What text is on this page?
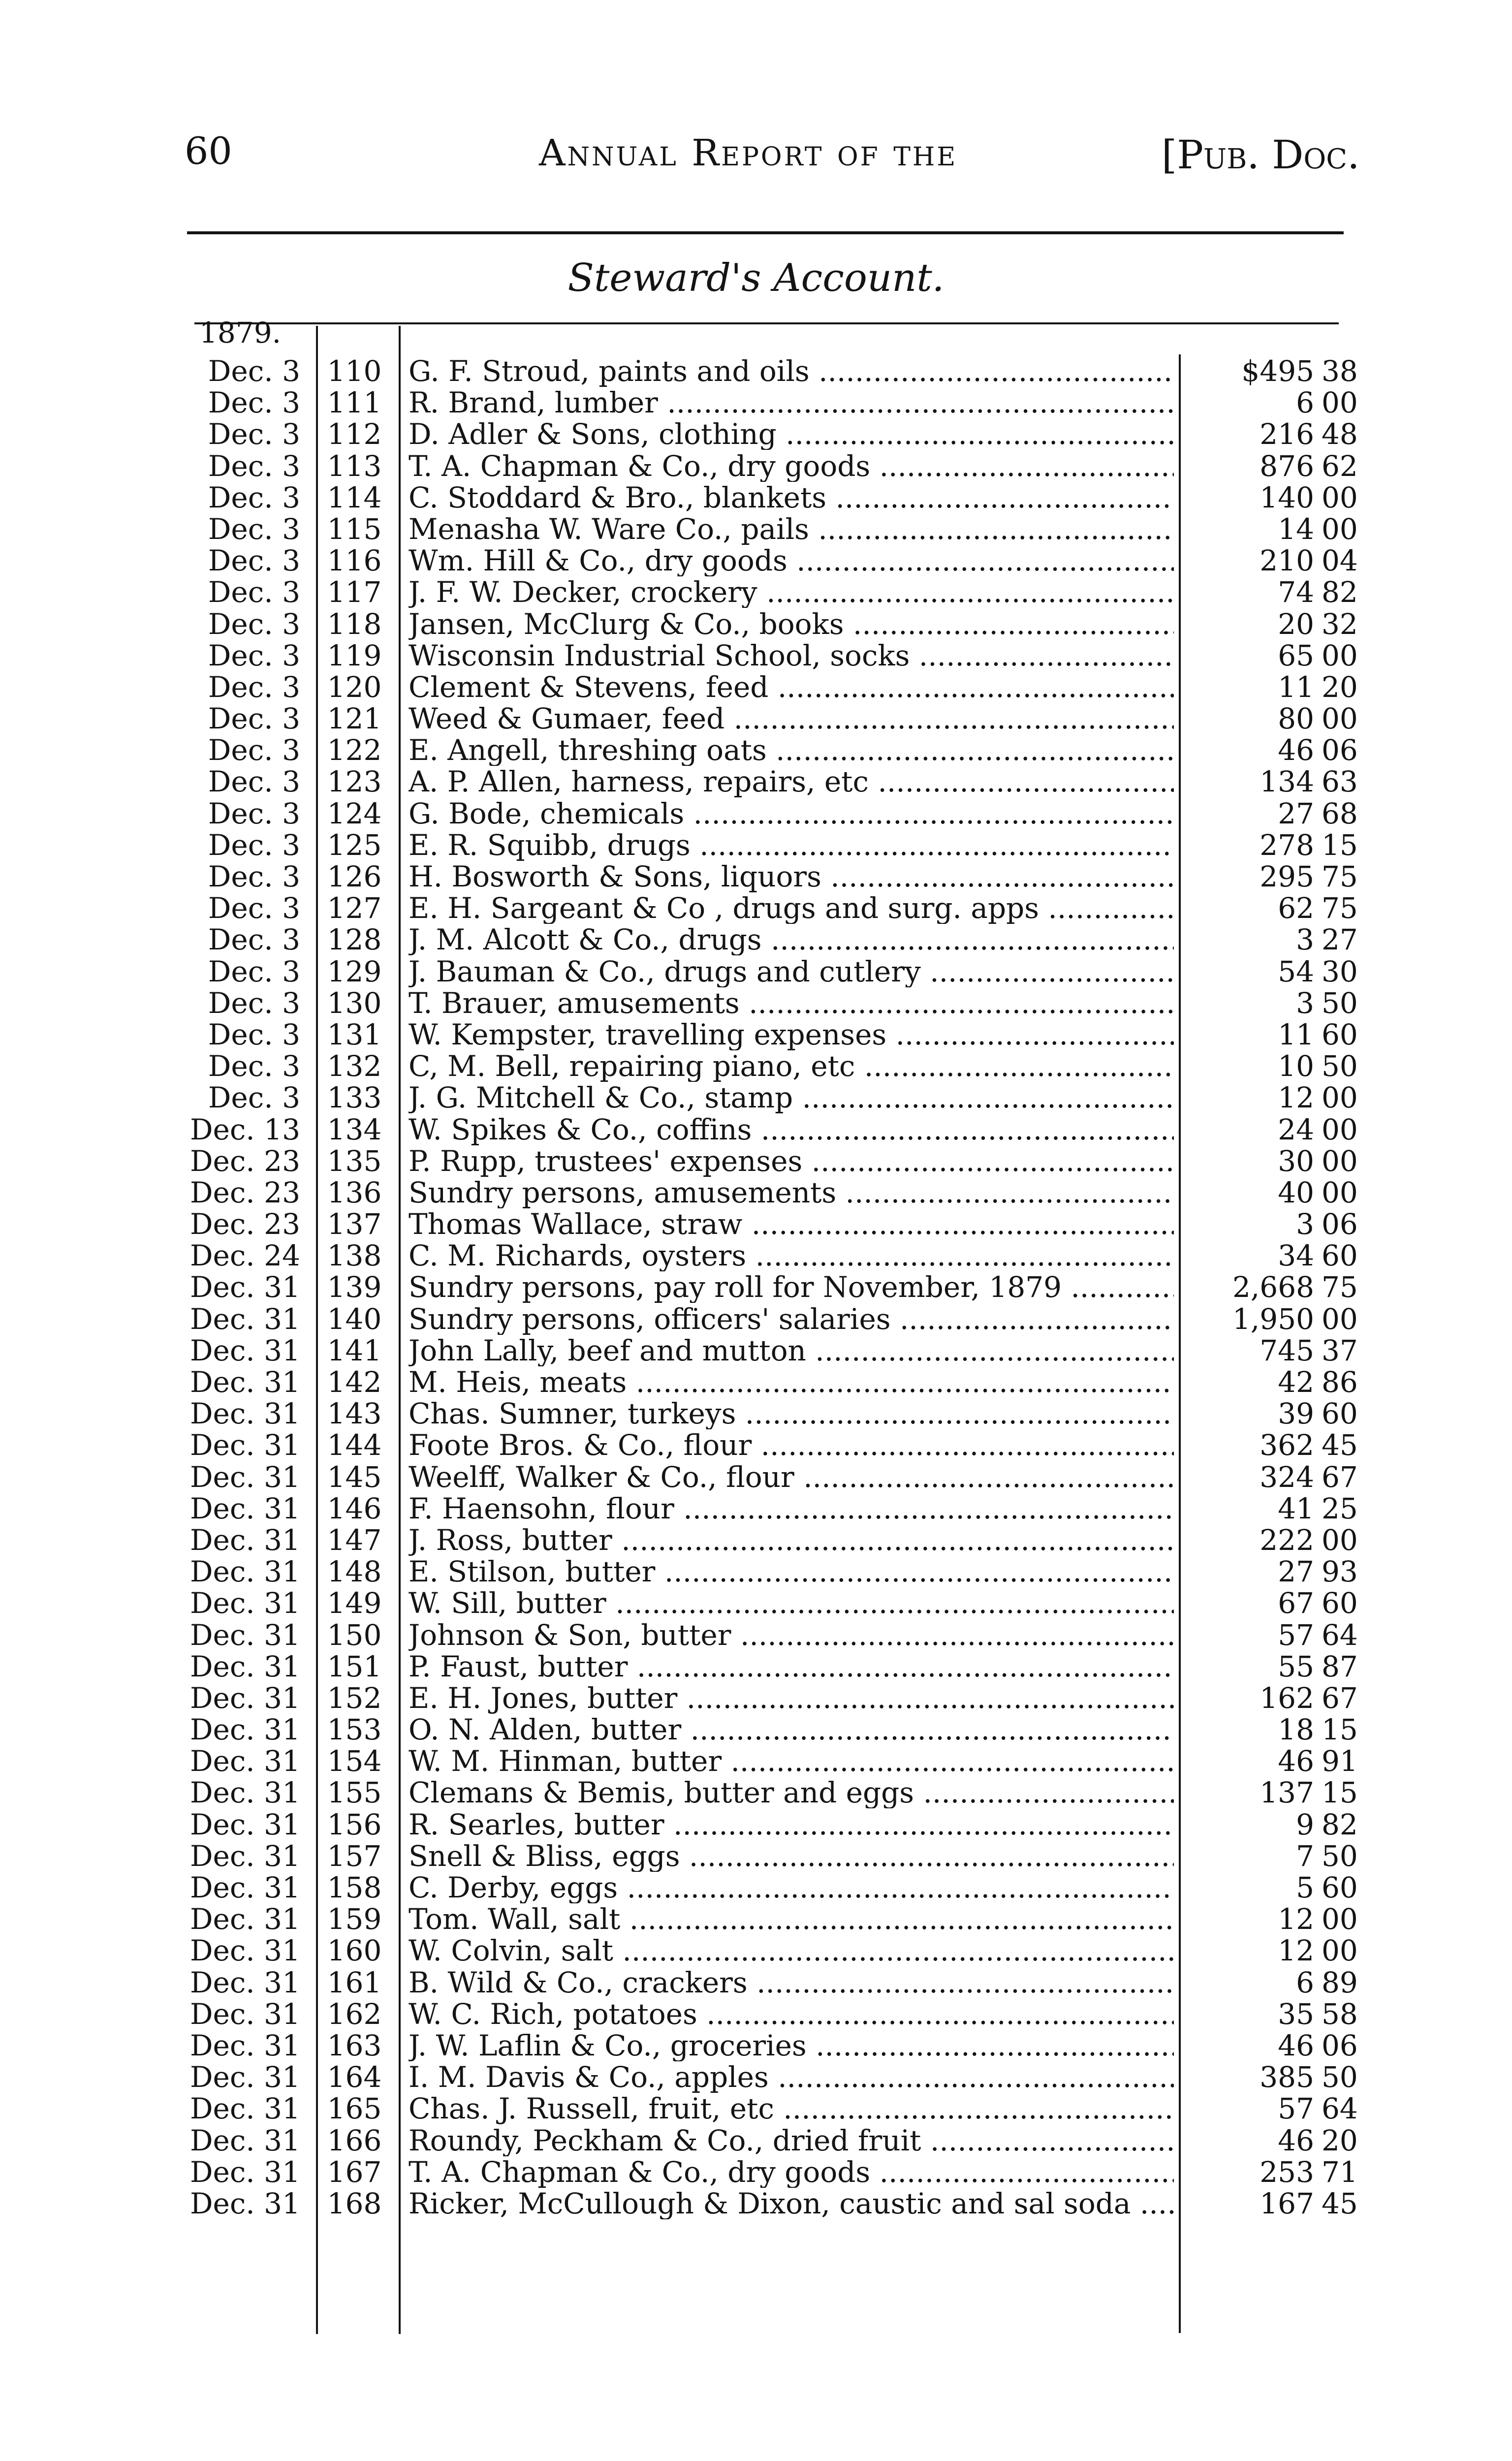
60	Annual Report of the	[Pub. Doc.
Steward's Account.
1879.
Dec. 3 110 G. F. Stroud, paints and oils .....	$495 38
Dec. 3 111 R. Brand, lumber .....	6 00
Dec. 3 112 D. Adler & Sons, clothing .....	216 48
Dec. 3 113 T. A. Chapman & Co., dry goods .....	876 62
Dec. 3 114 C. Stoddard & Bro., blankets .....	140 00
Dec. 3 115 Menasha W. Ware Co., pails .....	14 00
Dec. 3 116 Wm. Hill & Co., dry goods .....	210 04
Dec. 3 117 J. F. W. Decker, crockery .....	74 82
Dec. 3 118 Jansen, McClurg & Co., books .....	20 32
Dec. 3 119 Wisconsin Industrial School, socks .....	65 00
Dec. 3 120 Clement & Stevens, feed .....	11 20
Dec. 3 121 Weed & Gumaer, feed .....	80 00
Dec. 3 122 E. Angell, threshing oats .....	46 06
Dec. 3 123 A. P. Allen, harness, repairs, etc .....	134 63
Dec. 3 124 G. Bode, chemicals .....	27 68
Dec. 3 125 E. R. Squibb, drugs .....	278 15
Dec. 3 126 H. Bosworth & Sons, liquors .....	295 75
Dec. 3 127 E. H. Sargeant & Co , drugs and surg. apps .....	62 75
Dec. 3 128 J. M. Alcott & Co., drugs .....	3 27
Dec. 3 129 J. Bauman & Co., drugs and cutlery .....	54 30
Dec. 3 130 T. Brauer, amusements .....	3 50
Dec. 3 131 W. Kempster, travelling expenses .....	11 60
Dec. 3 132 C, M. Bell, repairing piano, etc .....	10 50
Dec. 3 133 J. G. Mitchell & Co., stamp .....	12 00
Dec. 13 134 W. Spikes & Co., coffins .....	24 00
Dec. 23 135 P. Rupp, trustees' expenses .....	30 00
Dec. 23 136 Sundry persons, amusements .....	40 00
Dec. 23 137 Thomas Wallace, straw .....	3 06
Dec. 24 138 C. M. Richards, oysters .....	34 60
Dec. 31 139 Sundry persons, pay roll for November, 1879 .....	2,668 75
Dec. 31 140 Sundry persons, officers' salaries .....	1,950 00
Dec. 31 141 John Lally, beef and mutton .....	745 37
Dec. 31 142 M. Heis, meats .....	42 86
Dec. 31 143 Chas. Sumner, turkeys .....	39 60
Dec. 31 144 Foote Bros. & Co., flour .....	362 45
Dec. 31 145 Weelff, Walker & Co., flour .....	324 67
Dec. 31 146 F. Haensohn, flour .....	41 25
Dec. 31 147 J. Ross, butter .....	222 00
Dec. 31 148 E. Stilson, butter .....	27 93
Dec. 31 149 W. Sill, butter .....	67 60
Dec. 31 150 Johnson & Son, butter .....	57 64
Dec. 31 151 P. Faust, butter .....	55 87
Dec. 31 152 E. H. Jones, butter .....	162 67
Dec. 31 153 O. N. Alden, butter .....	18 15
Dec. 31 154 W. M. Hinman, butter .....	46 91
Dec. 31 155 Clemans & Bemis, butter and eggs .....	137 15
Dec. 31 156 R. Searles, butter .....	9 82
Dec. 31 157 Snell & Bliss, eggs .....	7 50
Dec. 31 158 C. Derby, eggs .....	5 60
Dec. 31 159 Tom. Wall, salt .....	12 00
Dec. 31 160 W. Colvin, salt .....	12 00
Dec. 31 161 B. Wild & Co., crackers .....	6 89
Dec. 31 162 W. C. Rich, potatoes .....	35 58
Dec. 31 163 J. W. Laflin & Co., groceries .....	46 06
Dec. 31 164 I. M. Davis & Co., apples .....	385 50
Dec. 31 165 Chas. J. Russell, fruit, etc .....	57 64
Dec. 31 166 Roundy, Peckham & Co., dried fruit .....	46 20
Dec. 31 167 T. A. Chapman & Co., dry goods .....	253 71
Dec. 31 168 Ricker, McCullough & Dixon, caustic and sal soda .....	167 45
